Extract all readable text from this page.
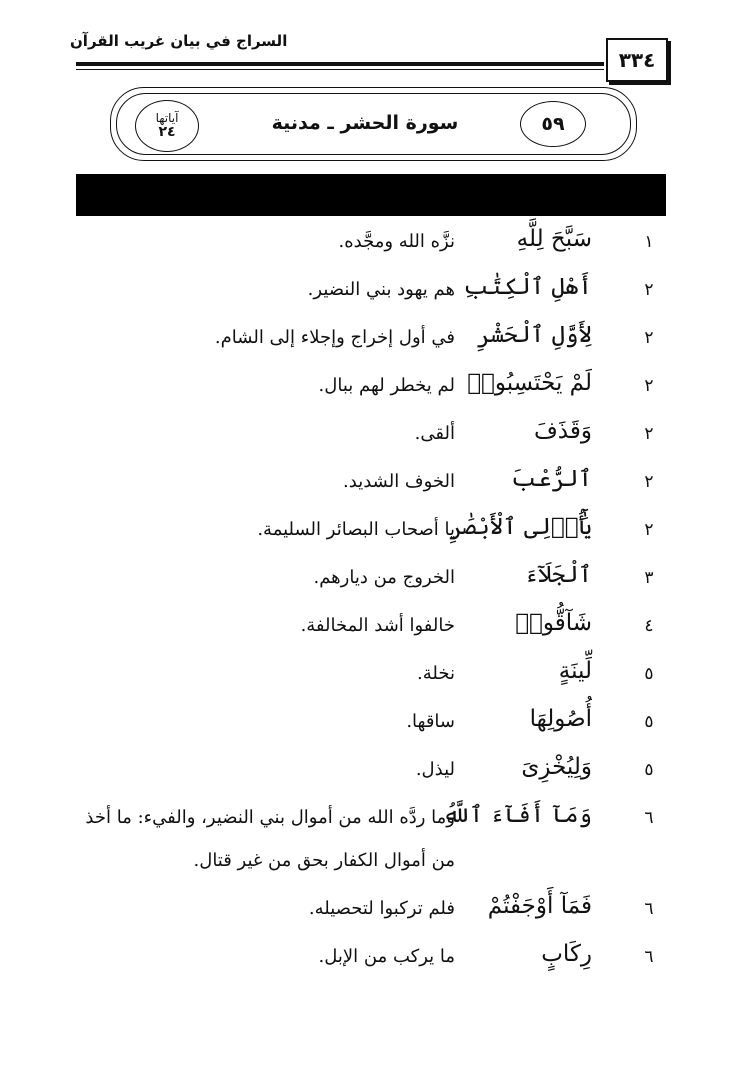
السراج في بيان غريب القرآن
٣٣٤
٥٩
سورة الحشر ـ مدنية
آياتها
٢٤
١
سَبَّحَ لِلَّهِ
نزَّه الله ومجَّده.
٢
أَهْلِ ٱلْكِتَٰبِ
هم يهود بني النضير.
٢
لِأَوَّلِ ٱلْحَشْرِ
في أول إخراج وإجلاء إلى الشام.
٢
لَمْ يَحْتَسِبُوا۟
لم يخطر لهم ببال.
٢
وَقَذَفَ
ألقى.
٢
ٱلرُّعْبَ
الخوف الشديد.
٢
يَٰٓأُو۟لِى ٱلْأَبْصَٰرِ
يا أصحاب البصائر السليمة.
٣
ٱلْجَلَآءَ
الخروج من ديارهم.
٤
شَآقُّوا۟
خالفوا أشد المخالفة.
٥
لِّينَةٍ
نخلة.
٥
أُصُولِهَا
ساقها.
٥
وَلِيُخْزِىَ
ليذل.
٦
وَمَآ أَفَآءَ ٱللَّهُ
وما ردَّه الله من أموال بني النضير، والفيء: ما أخذ من أموال الكفار بحق من غير قتال.
٦
فَمَآ أَوْجَفْتُمْ
فلم تركبوا لتحصيله.
٦
رِكَابٍ
ما يركب من الإبل.
